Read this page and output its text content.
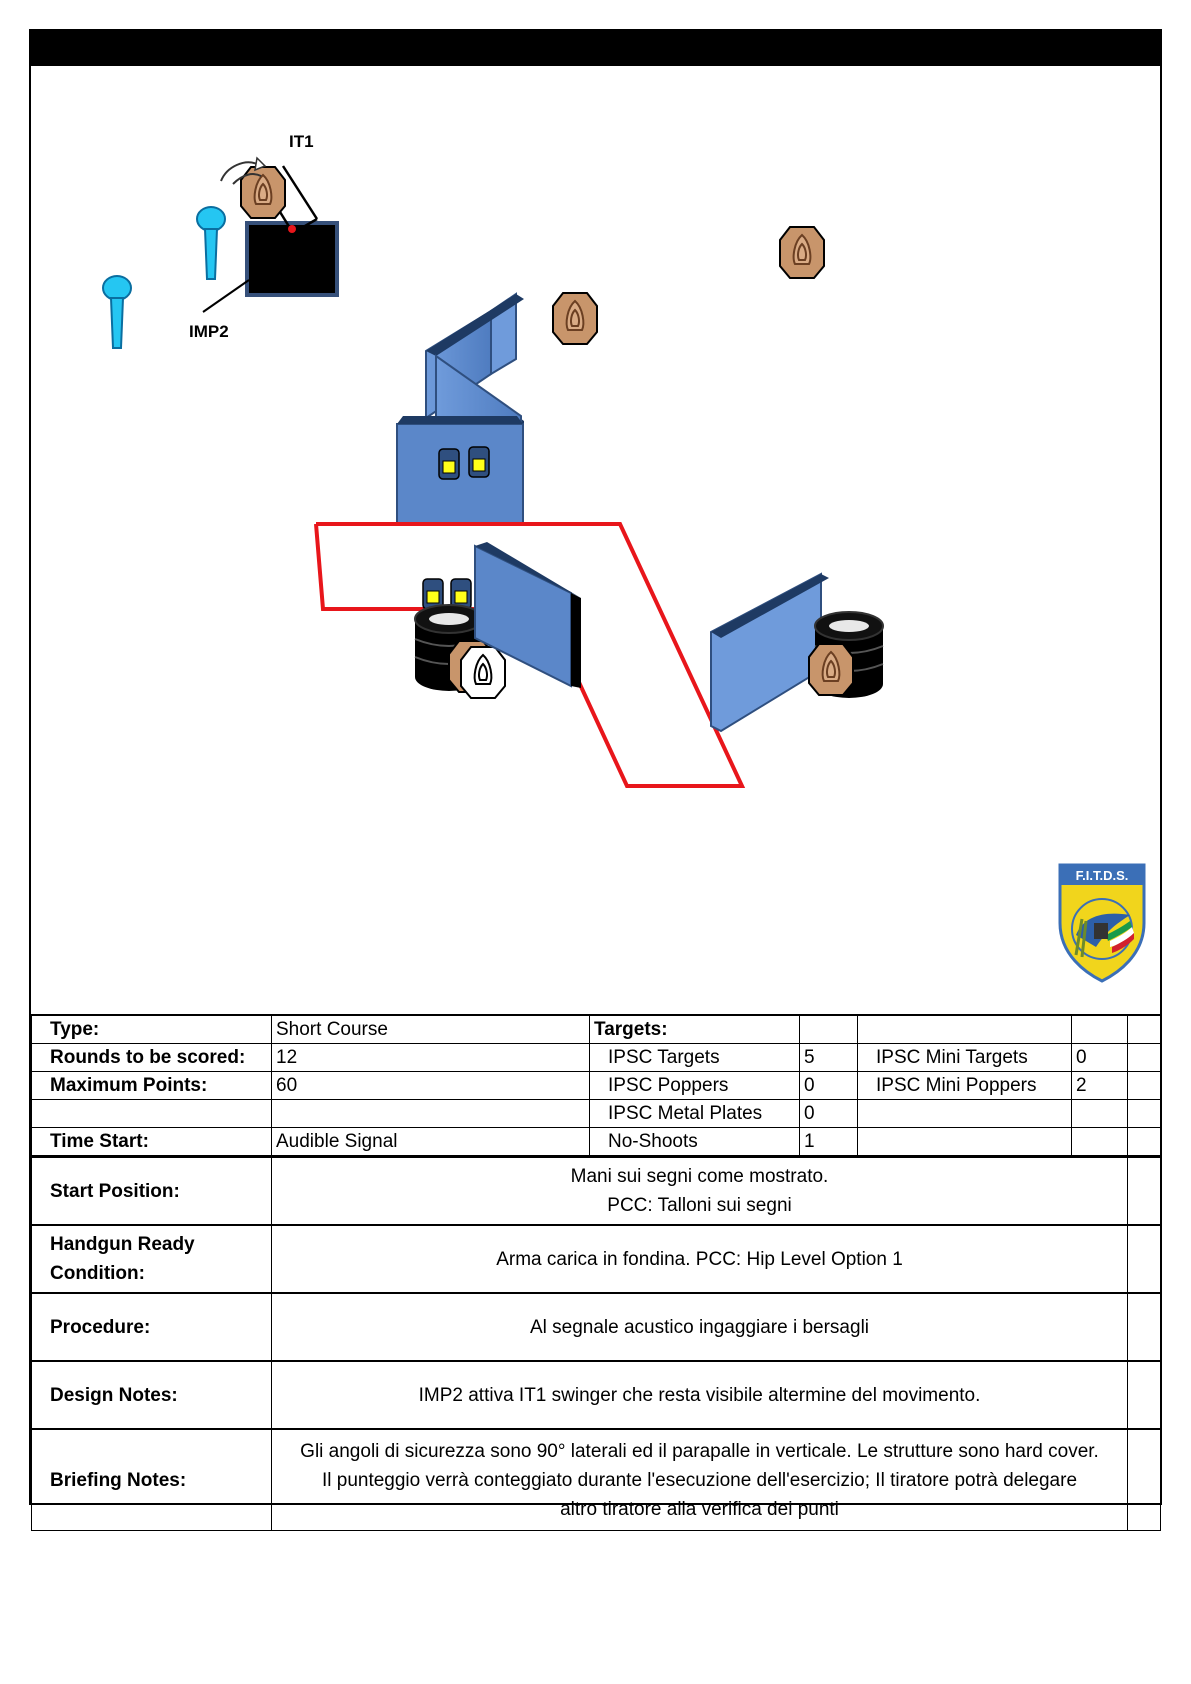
IT1
IMP2
F.I.T.D.S.
Type:	Short Course	Targets:				
Rounds to be scored:	12	IPSC Targets	5	IPSC Mini Targets	0	
Maximum Points:	60	IPSC Poppers	0	IPSC Mini Poppers	2	
		IPSC Metal Plates	0			
Time Start:	Audible Signal	No-Shoots	1			
Start Position:	Mani sui segni come mostrato.
PCC: Talloni sui segni	

Handgun Ready Condition:	Arma carica in fondina. PCC: Hip Level Option 1	
Procedure:	Al segnale acustico ingaggiare i bersagli	
Design Notes:	IMP2 attiva IT1 swinger che resta visibile altermine del movimento.	
Briefing Notes:	Gli angoli di sicurezza sono 90° laterali ed il parapalle in verticale. Le strutture sono hard cover.
Il punteggio verrà conteggiato durante l'esecuzione dell'esercizio; Il tiratore potrà delegare
altro tiratore alla verifica dei punti	
